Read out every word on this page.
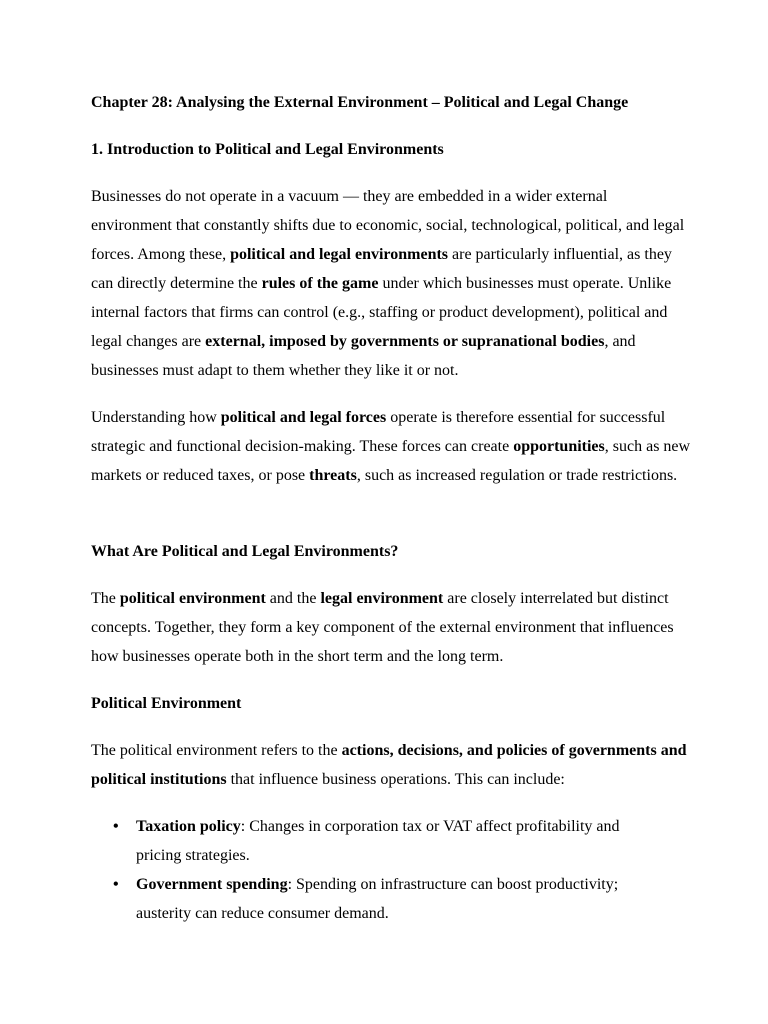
Chapter 28: Analysing the External Environment – Political and Legal Change
1. Introduction to Political and Legal Environments

Businesses do not operate in a vacuum — they are embedded in a wider external environment that constantly shifts due to economic, social, technological, political, and legal forces. Among these, political and legal environments are particularly influential, as they can directly determine the rules of the game under which businesses must operate. Unlike internal factors that firms can control (e.g., staffing or product development), political and legal changes are external, imposed by governments or supranational bodies, and businesses must adapt to them whether they like it or not.

Understanding how political and legal forces operate is therefore essential for successful strategic and functional decision-making. These forces can create opportunities, such as new markets or reduced taxes, or pose threats, such as increased regulation or trade restrictions.

What Are Political and Legal Environments?

The political environment and the legal environment are closely interrelated but distinct concepts. Together, they form a key component of the external environment that influences how businesses operate both in the short term and the long term.

Political Environment

The political environment refers to the actions, decisions, and policies of governments and political institutions that influence business operations. This can include:

• Taxation policy: Changes in corporation tax or VAT affect profitability and pricing strategies.
• Government spending: Spending on infrastructure can boost productivity; austerity can reduce consumer demand.
